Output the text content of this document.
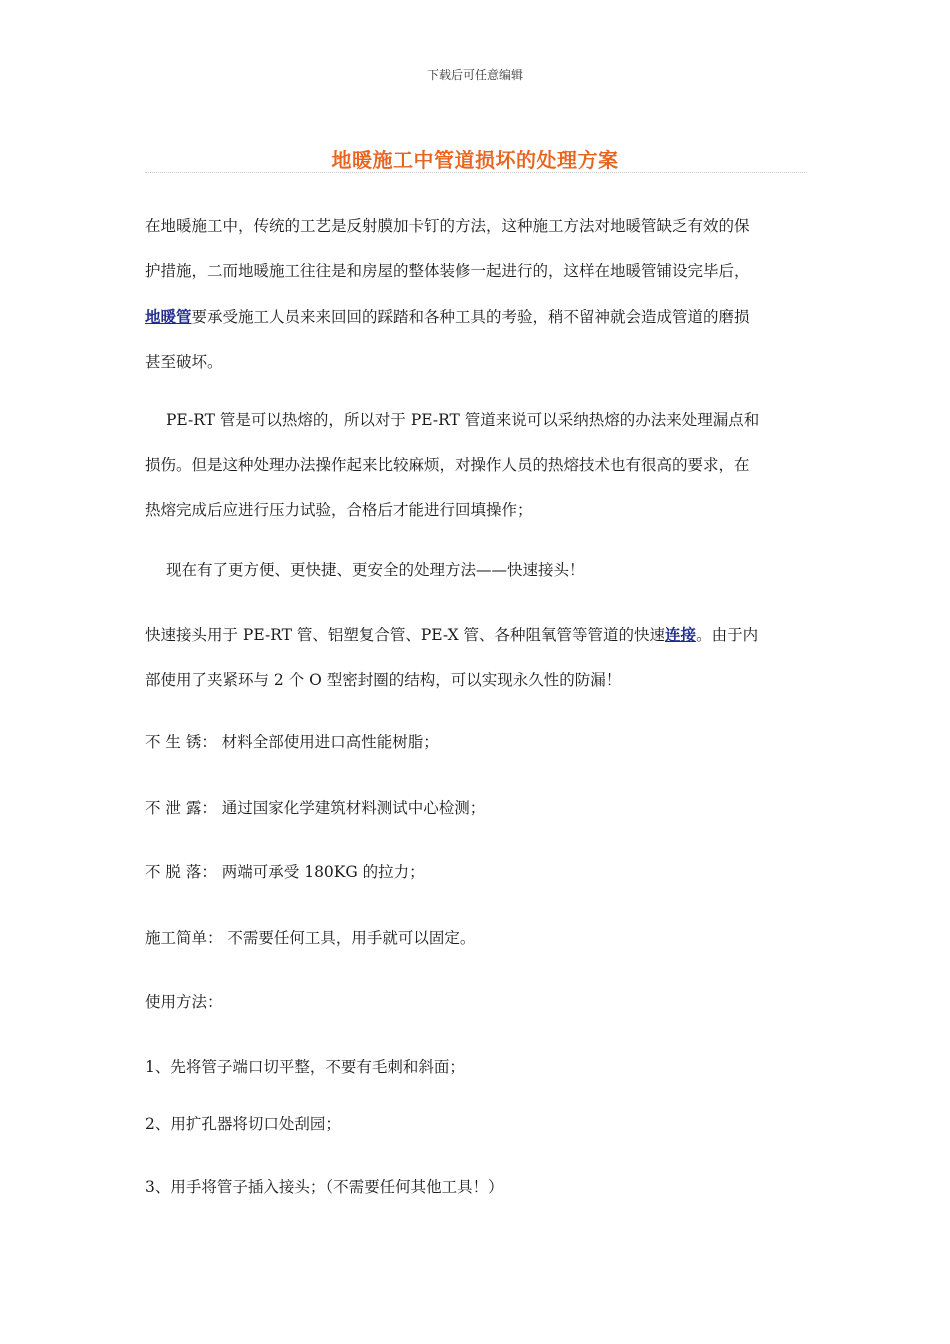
下载后可任意编辑
地暖施工中管道损坏的处理方案
在地暖施工中，传统的工艺是反射膜加卡钉的方法，这种施工方法对地暖管缺乏有效的保
护措施，二而地暖施工往往是和房屋的整体装修一起进行的，这样在地暖管铺设完毕后，
地暖管要承受施工人员来来回回的踩踏和各种工具的考验，稍不留神就会造成管道的磨损
甚至破坏。
PE-RT 管是可以热熔的，所以对于 PE-RT 管道来说可以采纳热熔的办法来处理漏点和
损伤。但是这种处理办法操作起来比较麻烦，对操作人员的热熔技术也有很高的要求，在
热熔完成后应进行压力试验，合格后才能进行回填操作；
现在有了更方便、更快捷、更安全的处理方法——快速接头！
快速接头用于 PE-RT 管、铝塑复合管、PE-X 管、各种阻氧管等管道的快速连接。由于内
部使用了夹紧环与 2 个 O 型密封圈的结构，可以实现永久性的防漏！
不 生 锈： 材料全部使用进口高性能树脂；
不 泄 露： 通过国家化学建筑材料测试中心检测；
不 脱 落： 两端可承受 180KG 的拉力；
施工简单： 不需要任何工具，用手就可以固定。
使用方法：
1、先将管子端口切平整，不要有毛刺和斜面；
2、用扩孔器将切口处刮园；
3、用手将管子插入接头；（不需要任何其他工具！）
